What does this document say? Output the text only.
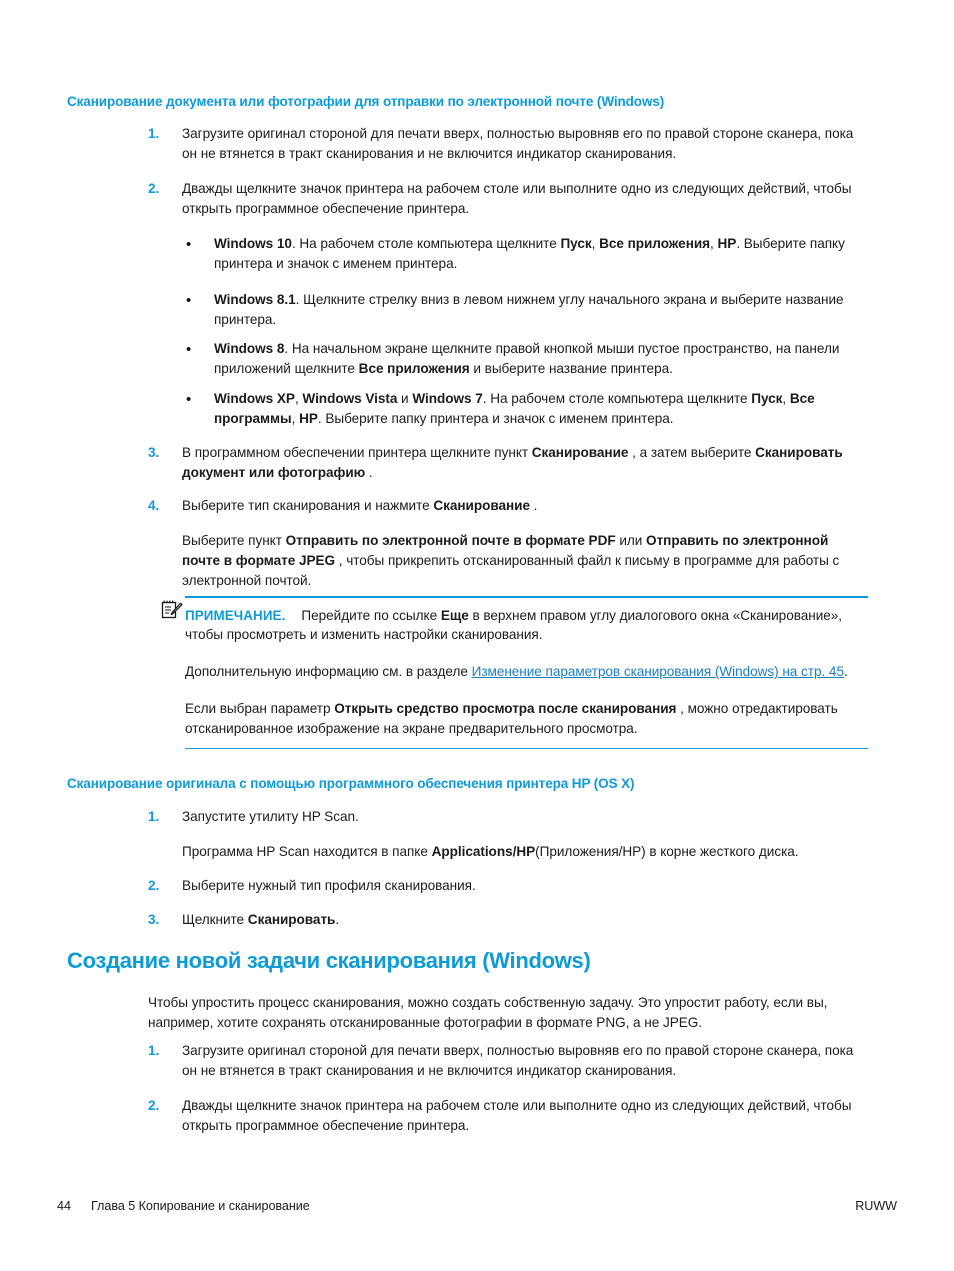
Сканирование документа или фотографии для отправки по электронной почте (Windows)
1.	Загрузите оригинал стороной для печати вверх, полностью выровняв его по правой стороне сканера, пока он не втянется в тракт сканирования и не включится индикатор сканирования.
2.	Дважды щелкните значок принтера на рабочем столе или выполните одно из следующих действий, чтобы открыть программное обеспечение принтера.
•
Windows 10. На рабочем столе компьютера щелкните Пуск, Все приложения, HP. Выберите папку принтера и значок с именем принтера.
•
Windows 8.1. Щелкните стрелку вниз в левом нижнем углу начального экрана и выберите название принтера.
•
Windows 8. На начальном экране щелкните правой кнопкой мыши пустое пространство, на панели приложений щелкните Все приложения и выберите название принтера.
•
Windows XP, Windows Vista и Windows 7. На рабочем столе компьютера щелкните Пуск, Все программы, HP. Выберите папку принтера и значок с именем принтера.
3.	В программном обеспечении принтера щелкните пункт Сканирование , а затем выберите Сканировать документ или фотографию .
4.	Выберите тип сканирования и нажмите Сканирование .
Выберите пункт Отправить по электронной почте в формате PDF или Отправить по электронной почте в формате JPEG , чтобы прикрепить отсканированный файл к письму в программе для работы с электронной почтой.
ПРИМЕЧАНИЕ. Перейдите по ссылке Еще в верхнем правом углу диалогового окна «Сканирование», чтобы просмотреть и изменить настройки сканирования.
Дополнительную информацию см. в разделе Изменение параметров сканирования (Windows) на стр. 45.
Если выбран параметр Открыть средство просмотра после сканирования , можно отредактировать отсканированное изображение на экране предварительного просмотра.
Сканирование оригинала с помощью программного обеспечения принтера HP (OS X)
1.	Запустите утилиту HP Scan.
Программа HP Scan находится в папке Applications/HP(Приложения/HP) в корне жесткого диска.
2.	Выберите нужный тип профиля сканирования.
3.	Щелкните Сканировать.
Создание новой задачи сканирования (Windows)
Чтобы упростить процесс сканирования, можно создать собственную задачу. Это упростит работу, если вы, например, хотите сохранять отсканированные фотографии в формате PNG, а не JPEG.
1.	Загрузите оригинал стороной для печати вверх, полностью выровняв его по правой стороне сканера, пока он не втянется в тракт сканирования и не включится индикатор сканирования.
2.	Дважды щелкните значок принтера на рабочем столе или выполните одно из следующих действий, чтобы открыть программное обеспечение принтера.
44	Глава 5 Копирование и сканирование	RUWW
